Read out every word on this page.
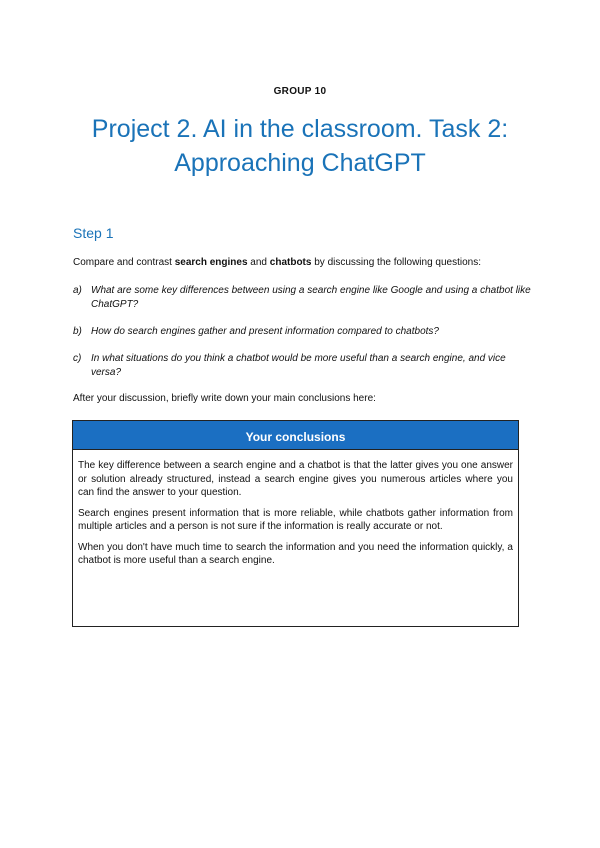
GROUP 10
Project 2. AI in the classroom. Task 2:
Approaching ChatGPT
Step 1
Compare and contrast search engines and chatbots by discussing the following questions:
a) What are some key differences between using a search engine like Google and using a chatbot like ChatGPT?
b) How do search engines gather and present information compared to chatbots?
c) In what situations do you think a chatbot would be more useful than a search engine, and vice versa?
After your discussion, briefly write down your main conclusions here:
Your conclusions

The key difference between a search engine and a chatbot is that the latter gives you one answer or solution already structured, instead a search engine gives you numerous articles where you can find the answer to your question.

Search engines present information that is more reliable, while chatbots gather information from multiple articles and a person is not sure if the information is really accurate or not.

When you don't have much time to search the information and you need the information quickly, a chatbot is more useful than a search engine.
